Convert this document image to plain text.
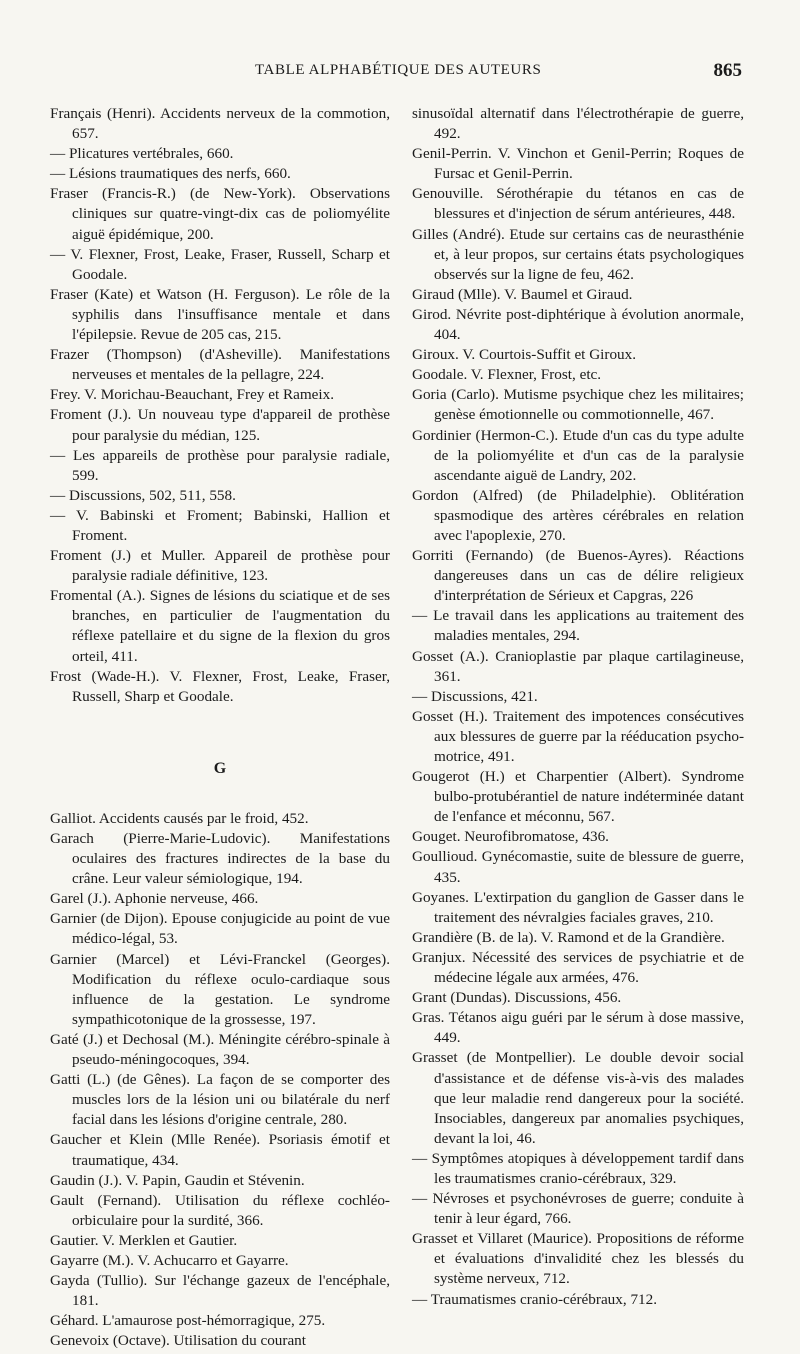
TABLE ALPHABÉTIQUE DES AUTEURS	865

Français (Henri). Accidents nerveux de la commotion, 657.

— Plicatures vertébrales, 660.

— Lésions traumatiques des nerfs, 660.

Fraser (Francis-R.) (de New-York). Observations cliniques sur quatre-vingt-dix cas de poliomyélite aiguë épidémique, 200.

— V. Flexner, Frost, Leake, Fraser, Russell, Scharp et Goodale.

Fraser (Kate) et Watson (H. Ferguson). Le rôle de la syphilis dans l'insuffisance mentale et dans l'épilepsie. Revue de 205 cas, 215.

Frazer (Thompson) (d'Asheville). Manifestations nerveuses et mentales de la pellagre, 224.

Frey. V. Morichau-Beauchant, Frey et Rameix.

Froment (J.). Un nouveau type d'appareil de prothèse pour paralysie du médian, 125.

— Les appareils de prothèse pour paralysie radiale, 599.

— Discussions, 502, 511, 558.

— V. Babinski et Froment; Babinski, Hallion et Froment.

Froment (J.) et Muller. Appareil de prothèse pour paralysie radiale définitive, 123.

Fromental (A.). Signes de lésions du sciatique et de ses branches, en particulier de l'augmentation du réflexe patellaire et du signe de la flexion du gros orteil, 411.

Frost (Wade-H.). V. Flexner, Frost, Leake, Fraser, Russell, Sharp et Goodale.

G

Galliot. Accidents causés par le froid, 452.

Garach (Pierre-Marie-Ludovic). Manifestations oculaires des fractures indirectes de la base du crâne. Leur valeur sémiologique, 194.

Garel (J.). Aphonie nerveuse, 466.

Garnier (de Dijon). Epouse conjugicide au point de vue médico-légal, 53.

Garnier (Marcel) et Lévi-Franckel (Georges). Modification du réflexe oculo-cardiaque sous influence de la gestation. Le syndrome sympathicotonique de la grossesse, 197.

Gaté (J.) et Dechosal (M.). Méningite cérébro-spinale à pseudo-méningocoques, 394.

Gatti (L.) (de Gênes). La façon de se comporter des muscles lors de la lésion uni ou bilatérale du nerf facial dans les lésions d'origine centrale, 280.

Gaucher et Klein (Mlle Renée). Psoriasis émotif et traumatique, 434.

Gaudin (J.). V. Papin, Gaudin et Stévenin.

Gault (Fernand). Utilisation du réflexe cochléo-orbiculaire pour la surdité, 366.

Gautier. V. Merklen et Gautier.

Gayarre (M.). V. Achucarro et Gayarre.

Gayda (Tullio). Sur l'échange gazeux de l'encéphale, 181.

Géhard. L'amaurose post-hémorragique, 275.

Genevoix (Octave). Utilisation du courant

sinusoïdal alternatif dans l'électrothérapie de guerre, 492.

Genil-Perrin. V. Vinchon et Genil-Perrin; Roques de Fursac et Genil-Perrin.

Genouville. Sérothérapie du tétanos en cas de blessures et d'injection de sérum antérieures, 448.

Gilles (André). Etude sur certains cas de neurasthénie et, à leur propos, sur certains états psychologiques observés sur la ligne de feu, 462.

Giraud (Mlle). V. Baumel et Giraud.

Girod. Névrite post-diphtérique à évolution anormale, 404.

Giroux. V. Courtois-Suffit et Giroux.

Goodale. V. Flexner, Frost, etc.

Goria (Carlo). Mutisme psychique chez les militaires; genèse émotionnelle ou commotionnelle, 467.

Gordinier (Hermon-C.). Etude d'un cas du type adulte de la poliomyélite et d'un cas de la paralysie ascendante aiguë de Landry, 202.

Gordon (Alfred) (de Philadelphie). Oblitération spasmodique des artères cérébrales en relation avec l'apoplexie, 270.

Gorriti (Fernando) (de Buenos-Ayres). Réactions dangereuses dans un cas de délire religieux d'interprétation de Sérieux et Capgras, 226

— Le travail dans les applications au traitement des maladies mentales, 294.

Gosset (A.). Cranioplastie par plaque cartilagineuse, 361.

— Discussions, 421.

Gosset (H.). Traitement des impotences consécutives aux blessures de guerre par la rééducation psycho-motrice, 491.

Gougerot (H.) et Charpentier (Albert). Syndrome bulbo-protubérantiel de nature indéterminée datant de l'enfance et méconnu, 567.

Gouget. Neurofibromatose, 436.

Goullioud. Gynécomastie, suite de blessure de guerre, 435.

Goyanes. L'extirpation du ganglion de Gasser dans le traitement des névralgies faciales graves, 210.

Grandière (B. de la). V. Ramond et de la Grandière.

Granjux. Nécessité des services de psychiatrie et de médecine légale aux armées, 476.

Grant (Dundas). Discussions, 456.

Gras. Tétanos aigu guéri par le sérum à dose massive, 449.

Grasset (de Montpellier). Le double devoir social d'assistance et de défense vis-à-vis des malades que leur maladie rend dangereux pour la société. Insociables, dangereux par anomalies psychiques, devant la loi, 46.

— Symptômes atopiques à développement tardif dans les traumatismes cranio-cérébraux, 329.

— Névroses et psychonévroses de guerre; conduite à tenir à leur égard, 766.

Grasset et Villaret (Maurice). Propositions de réforme et évaluations d'invalidité chez les blessés du système nerveux, 712.

— Traumatismes cranio-cérébraux, 712.
